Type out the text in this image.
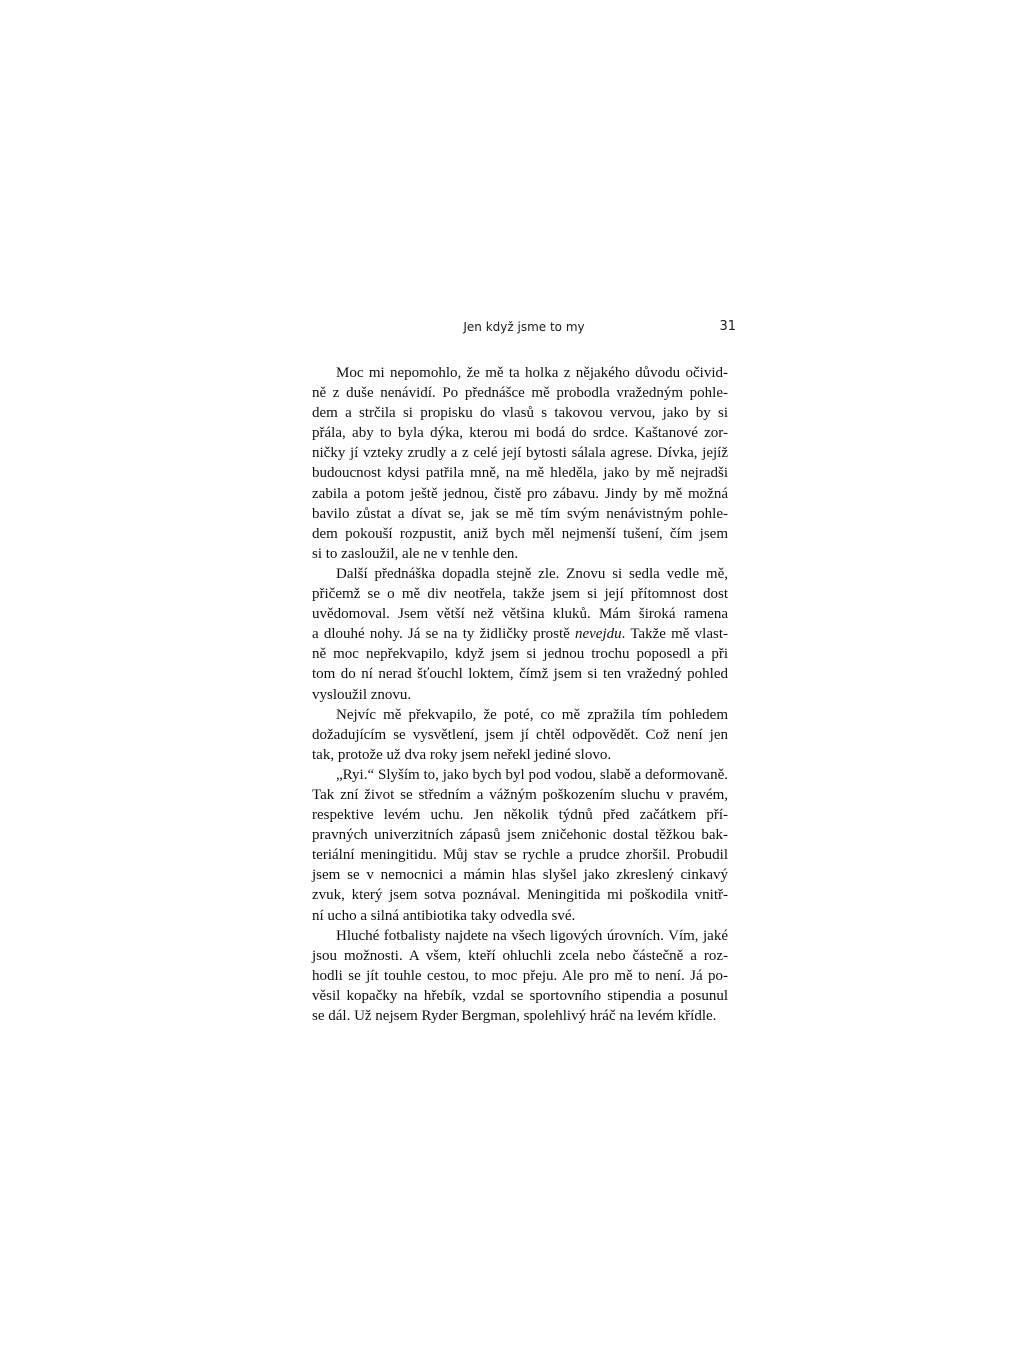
Jen když jsme to my	31

Moc mi nepomohlo, že mě ta holka z nějakého důvodu očivid-
ně z duše nenávidí. Po přednášce mě probodla vražedným pohle-
dem a strčila si propisku do vlasů s takovou vervou, jako by si
přála, aby to byla dýka, kterou mi bodá do srdce. Kaštanové zor-
ničky jí vzteky zrudly a z celé její bytosti sálala agrese. Dívka, jejíž
budoucnost kdysi patřila mně, na mě hleděla, jako by mě nejradši
zabila a potom ještě jednou, čistě pro zábavu. Jindy by mě možná
bavilo zůstat a dívat se, jak se mě tím svým nenávistným pohle-
dem pokouší rozpustit, aniž bych měl nejmenší tušení, čím jsem
si to zasloužil, ale ne v tenhle den.

Další přednáška dopadla stejně zle. Znovu si sedla vedle mě,
přičemž se o mě div neotřela, takže jsem si její přítomnost dost
uvědomoval. Jsem větší než většina kluků. Mám široká ramena
a dlouhé nohy. Já se na ty židličky prostě nevejdu. Takže mě vlast-
ně moc nepřekvapilo, když jsem si jednou trochu poposedl a při
tom do ní nerad šťouchl loktem, čímž jsem si ten vražedný pohled
vysloužil znovu.

Nejvíc mě překvapilo, že poté, co mě zpražila tím pohledem
dožadujícím se vysvětlení, jsem jí chtěl odpovědět. Což není jen
tak, protože už dva roky jsem neřekl jediné slovo.

„Ryi.“ Slyším to, jako bych byl pod vodou, slabě a deformovaně.
Tak zní život se středním a vážným poškozením sluchu v pravém,
respektive levém uchu. Jen několik týdnů před začátkem pří-
pravných univerzitních zápasů jsem zničehonic dostal těžkou bak-
teriální meningitidu. Můj stav se rychle a prudce zhoršil. Probudil
jsem se v nemocnici a mámin hlas slyšel jako zkreslený cinkavý
zvuk, který jsem sotva poznával. Meningitida mi poškodila vnitř-
ní ucho a silná antibiotika taky odvedla své.

Hluché fotbalisty najdete na všech ligových úrovních. Vím, jaké
jsou možnosti. A všem, kteří ohluchli zcela nebo částečně a roz-
hodli se jít touhle cestou, to moc přeju. Ale pro mě to není. Já po-
věsil kopačky na hřebík, vzdal se sportovního stipendia a posunul
se dál. Už nejsem Ryder Bergman, spolehlivý hráč na levém křídle.
